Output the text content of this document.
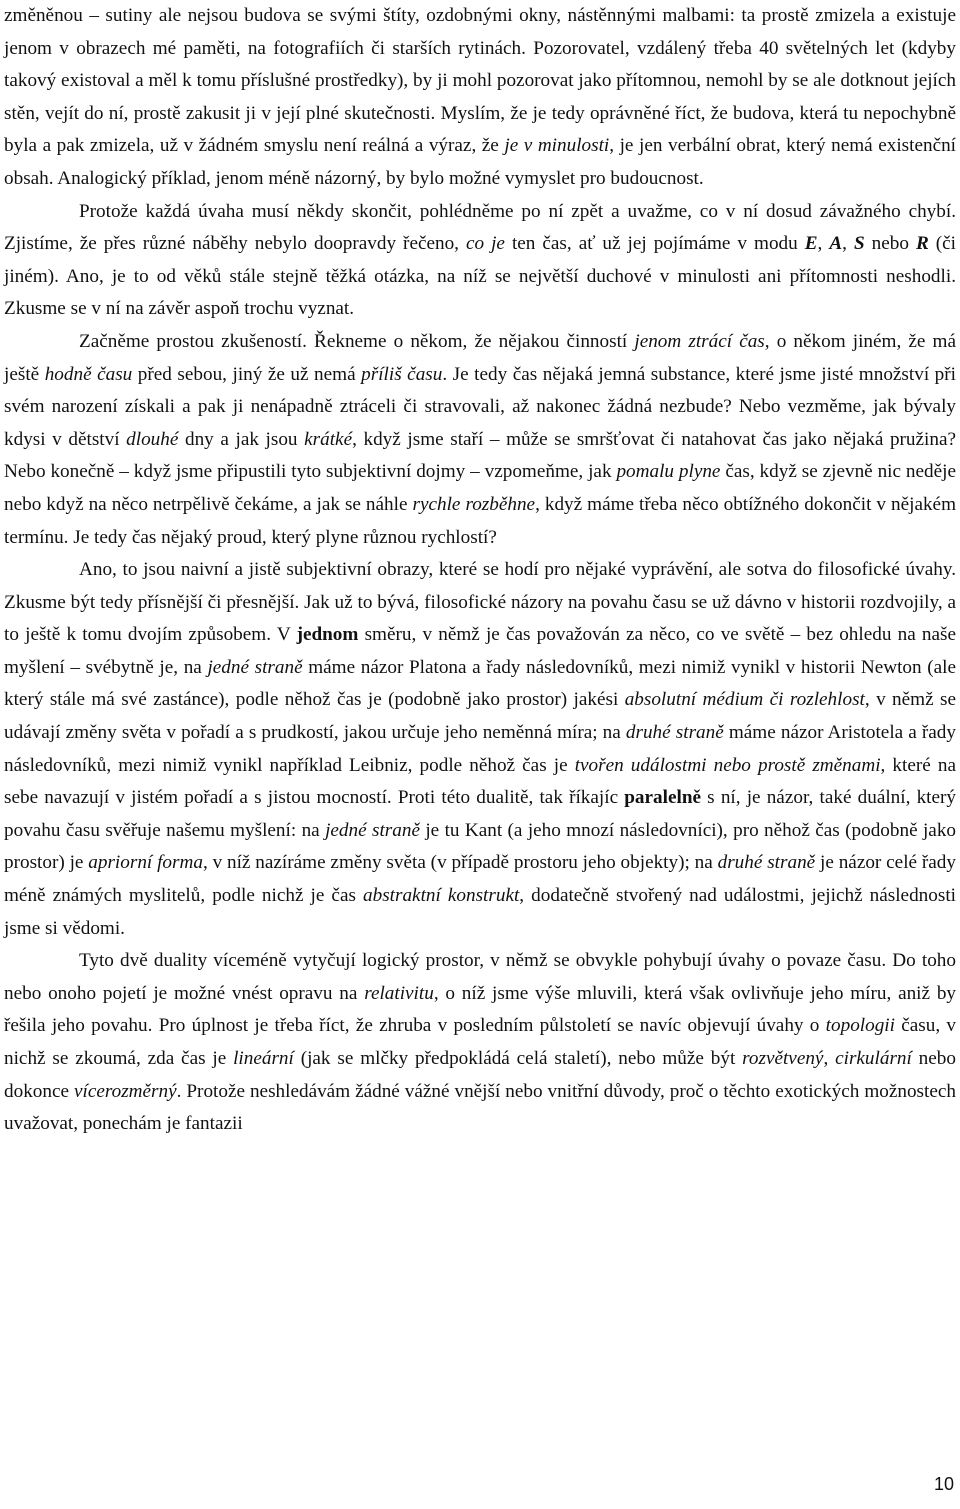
změněnou – sutiny ale nejsou budova se svými štíty, ozdobnými okny, nástěnnými malbami: ta prostě zmizela a existuje jenom v obrazech mé paměti, na fotografiích či starších rytinách. Pozorovatel, vzdálený třeba 40 světelných let (kdyby takový existoval a měl k tomu příslušné prostředky), by ji mohl pozorovat jako přítomnou, nemohl by se ale dotknout jejích stěn, vejít do ní, prostě zakusit ji v její plné skutečnosti. Myslím, že je tedy oprávněné říct, že budova, která tu nepochybně byla a pak zmizela, už v žádném smyslu není reálná a výraz, že je v minulosti, je jen verbální obrat, který nemá existenční obsah. Analogický příklad, jenom méně názorný, by bylo možné vymyslet pro budoucnost.

Protože každá úvaha musí někdy skončit, pohlédněme po ní zpět a uvažme, co v ní dosud závažného chybí. Zjistíme, že přes různé náběhy nebylo doopravdy řečeno, co je ten čas, ať už jej pojímáme v modu E, A, S nebo R (či jiném). Ano, je to od věků stále stejně těžká otázka, na níž se největší duchové v minulosti ani přítomnosti neshodli. Zkusme se v ní na závěr aspoň trochu vyznat.

Začněme prostou zkušeností. Řekneme o někom, že nějakou činností jenom ztrácí čas, o někom jiném, že má ještě hodně času před sebou, jiný že už nemá příliš času. Je tedy čas nějaká jemná substance, které jsme jisté množství při svém narození získali a pak ji nenápadně ztráceli či stravovali, až nakonec žádná nezbude? Nebo vezměme, jak bývaly kdysi v dětství dlouhé dny a jak jsou krátké, když jsme staří – může se smršťovat či natahovat čas jako nějaká pružina? Nebo konečně – když jsme připustili tyto subjektivní dojmy – vzpomeňme, jak pomalu plyne čas, když se zjevně nic neděje nebo když na něco netrpělivě čekáme, a jak se náhle rychle rozběhne, když máme třeba něco obtížného dokončit v nějakém termínu. Je tedy čas nějaký proud, který plyne různou rychlostí?

Ano, to jsou naivní a jistě subjektivní obrazy, které se hodí pro nějaké vyprávění, ale sotva do filosofické úvahy. Zkusme být tedy přísnější či přesnější. Jak už to bývá, filosofické názory na povahu času se už dávno v historii rozdvojily, a to ještě k tomu dvojím způsobem. V jednom směru, v němž je čas považován za něco, co ve světě – bez ohledu na naše myšlení – svébytně je, na jedné straně máme názor Platona a řady následovníků, mezi nimiž vynikl v historii Newton (ale který stále má své zastánce), podle něhož čas je (podobně jako prostor) jakési absolutní médium či rozlehlost, v němž se udávají změny světa v pořadí a s prudkostí, jakou určuje jeho neměnná míra; na druhé straně máme názor Aristotela a řady následovníků, mezi nimiž vynikl například Leibniz, podle něhož čas je tvořen událostmi nebo prostě změnami, které na sebe navazují v jistém pořadí a s jistou mocností. Proti této dualitě, tak říkajíc paralelně s ní, je názor, také duální, který povahu času svěřuje našemu myšlení: na jedné straně je tu Kant (a jeho mnozí následovníci), pro něhož čas (podobně jako prostor) je apriorní forma, v níž nazíráme změny světa (v případě prostoru jeho objekty); na druhé straně je názor celé řady méně známých myslitelů, podle nichž je čas abstraktní konstrukt, dodatečně stvořený nad událostmi, jejichž následnosti jsme si vědomi.

Tyto dvě duality víceméně vytyčují logický prostor, v němž se obvykle pohybují úvahy o povaze času. Do toho nebo onoho pojetí je možné vnést opravu na relativitu, o níž jsme výše mluvili, která však ovlivňuje jeho míru, aniž by řešila jeho povahu. Pro úplnost je třeba říct, že zhruba v posledním půlstoletí se navíc objevují úvahy o topologii času, v nichž se zkoumá, zda čas je lineární (jak se mlčky předpokládá celá staletí), nebo může být rozvětvený, cirkulární nebo dokonce vícerozměrný. Protože neshledávám žádné vážné vnější nebo vnitřní důvody, proč o těchto exotických možnostech uvažovat, ponechám je fantazii

10
